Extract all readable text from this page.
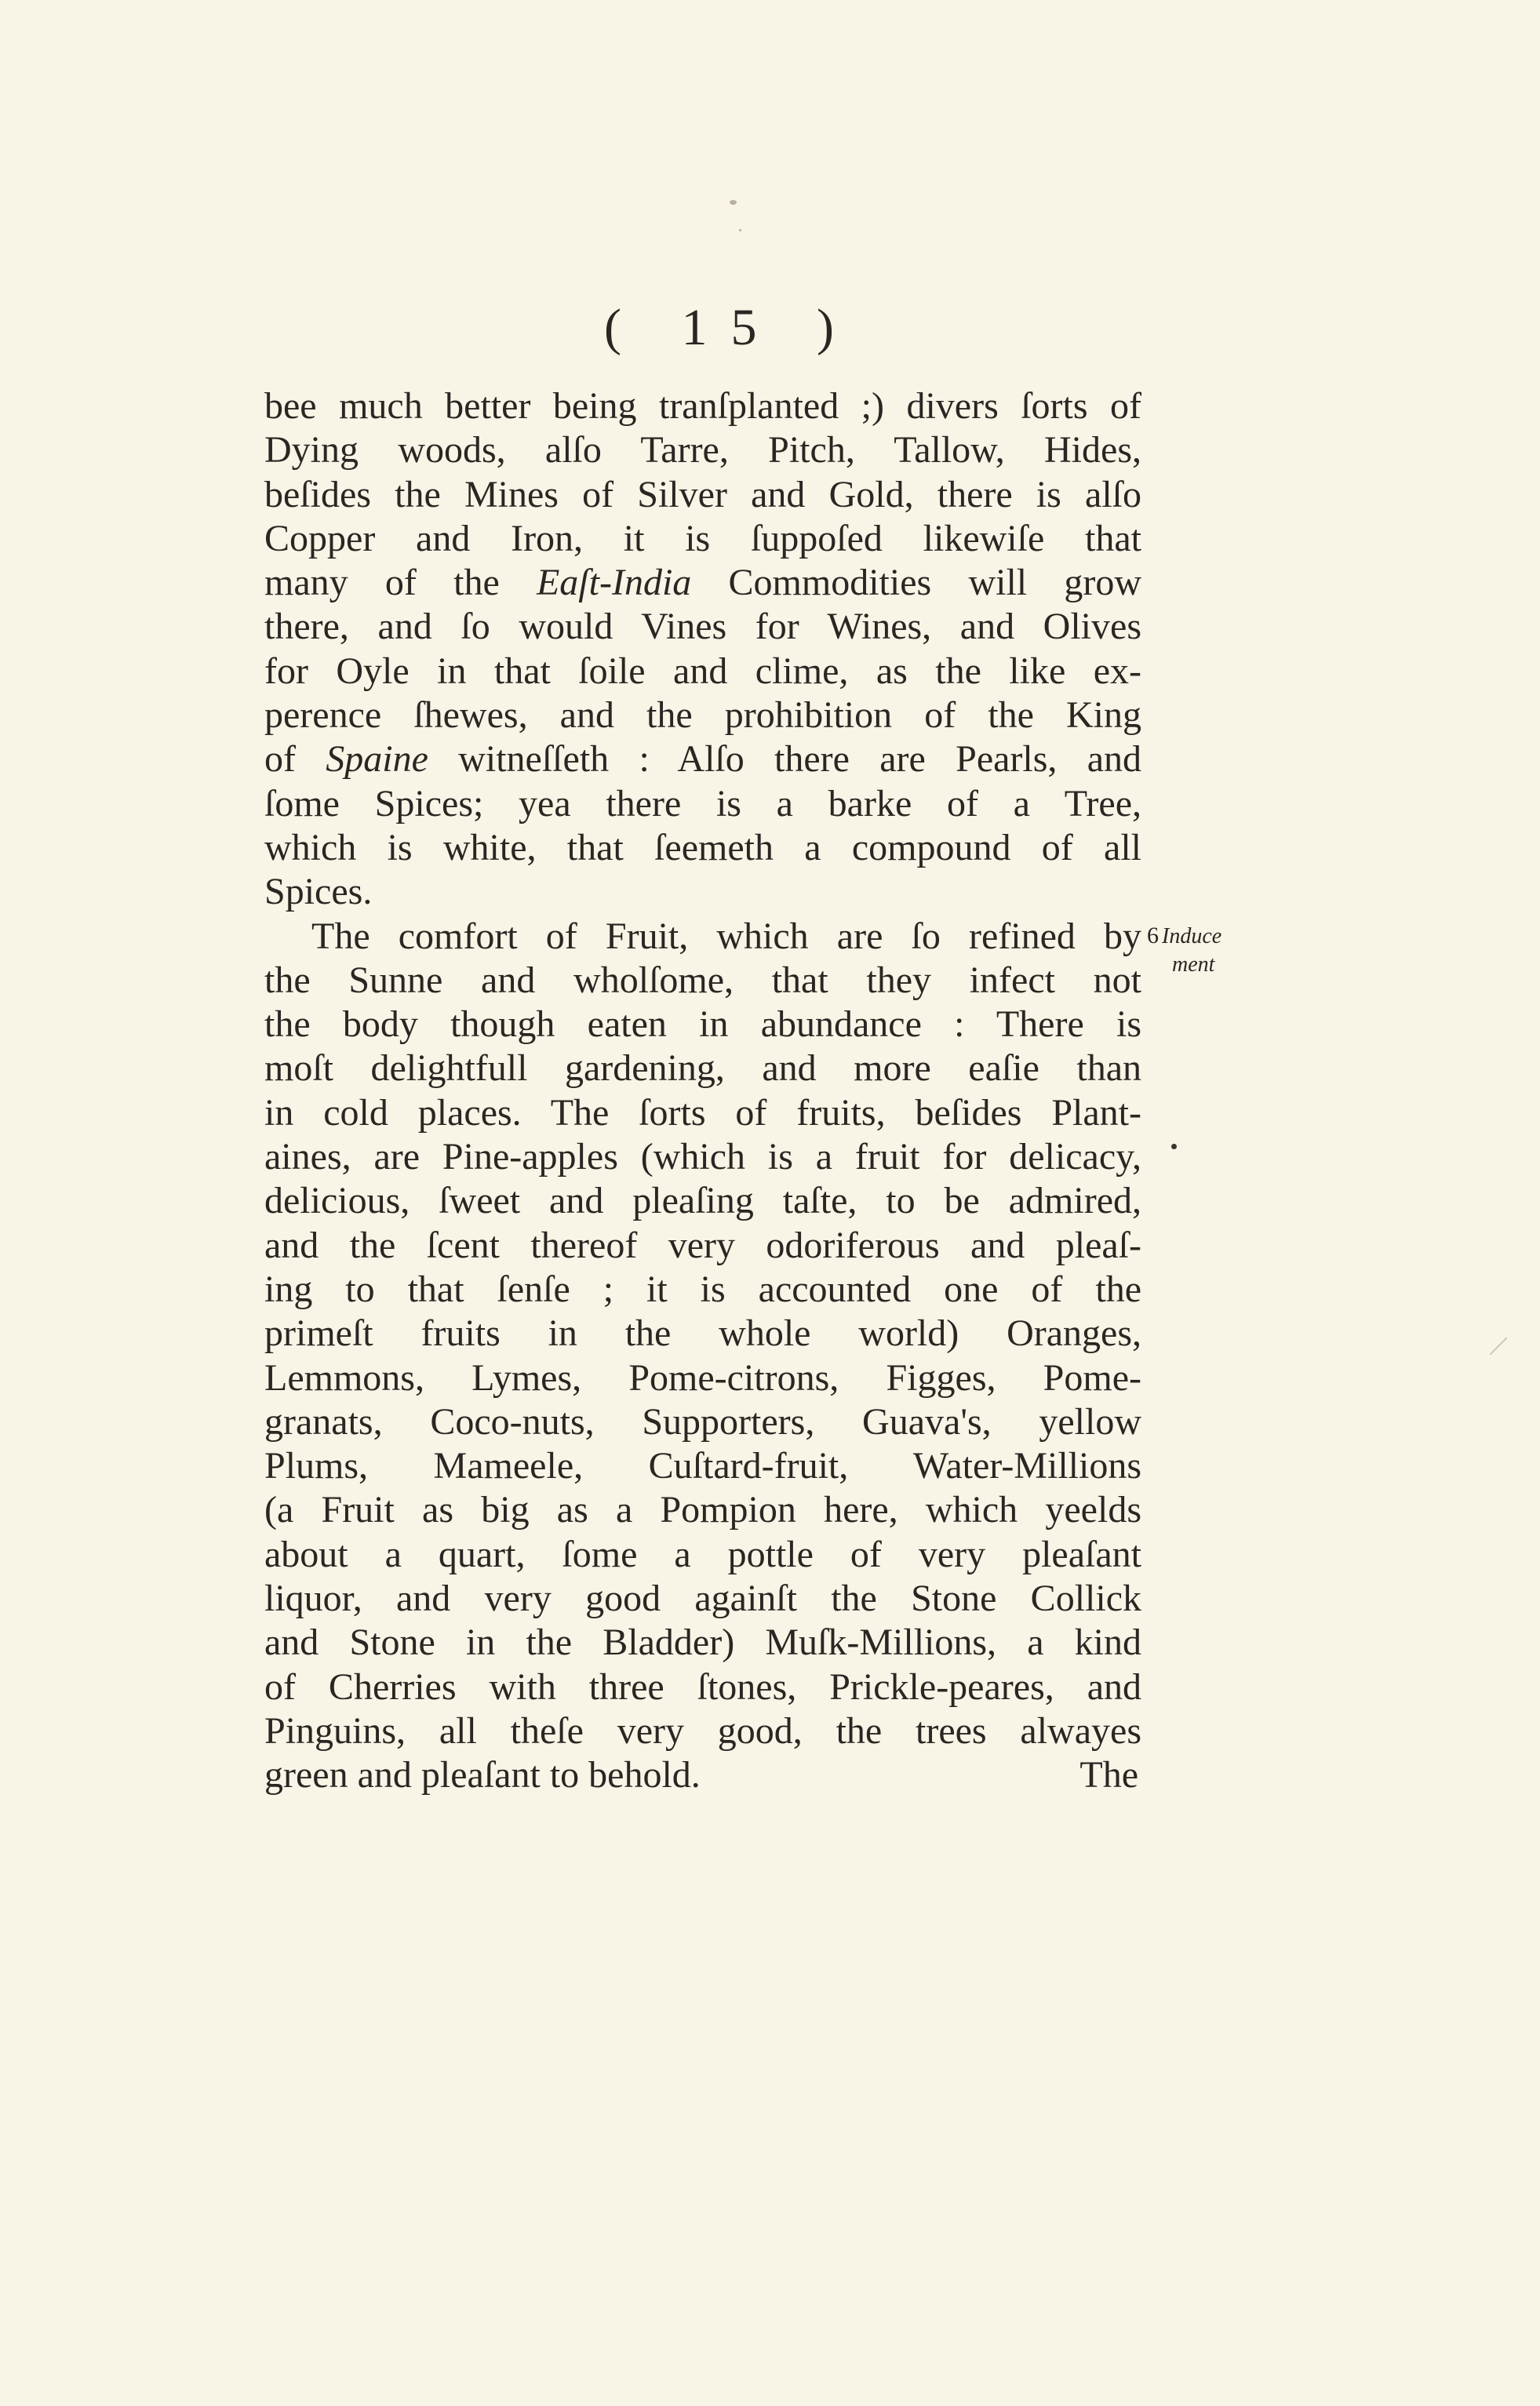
( 15 )
bee much better being tranſplanted ;) divers ſorts of
Dying woods, alſo Tarre, Pitch, Tallow, Hides,
beſides the Mines of Silver and Gold, there is alſo
Copper and Iron, it is ſuppoſed likewiſe that
many of the Eaſt-India Commodities will grow
there, and ſo would Vines for Wines, and Olives
for Oyle in that ſoile and clime, as the like ex-
perence ſhewes, and the prohibition of the King
of Spaine witneſſeth : Alſo there are Pearls, and
ſome Spices; yea there is a barke of a Tree,
which is white, that ſeemeth a compound of all
Spices.
The comfort of Fruit, which are ſo refined by
the Sunne and wholſome, that they infect not
the body though eaten in abundance : There is
moſt delightfull gardening, and more eaſie than
in cold places. The ſorts of fruits, beſides Plant-
aines, are Pine-apples (which is a fruit for delicacy,
delicious, ſweet and pleaſing taſte, to be admired,
and the ſcent thereof very odoriferous and pleaſ-
ing to that ſenſe ; it is accounted one of the
primeſt fruits in the whole world) Oranges,
Lemmons, Lymes, Pome-citrons, Figges, Pome-
granats, Coco-nuts, Supporters, Guava's, yellow
Plums, Mameele, Cuſtard-fruit, Water-Millions
(a Fruit as big as a Pompion here, which yeelds
about a quart, ſome a pottle of very pleaſant
liquor, and very good againſt the Stone Collick
and Stone in the Bladder) Muſk-Millions, a kind
of Cherries with three ſtones, Prickle-peares, and
Pinguins, all theſe very good, the trees alwayes
green and pleaſant to behold.	The
6 Induce
ment
